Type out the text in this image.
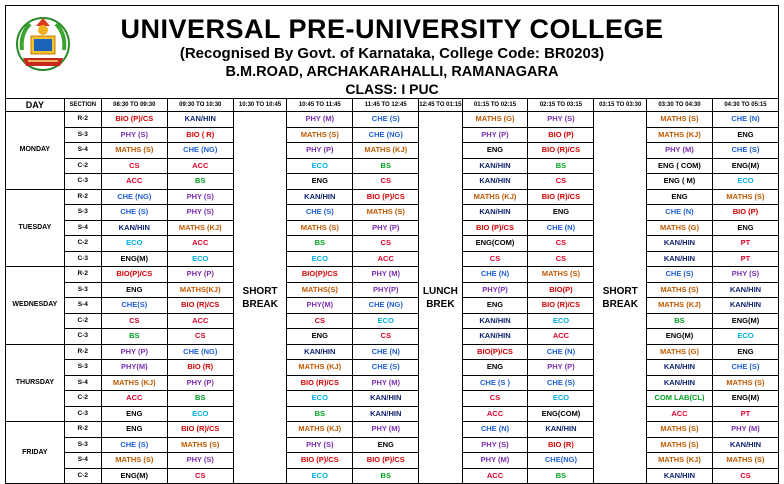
UNIVERSAL PRE-UNIVERSITY COLLEGE
(Recognised By Govt. of Karnataka, College Code: BR0203)
B.M.ROAD, ARCHAKARAHALLI, RAMANAGARA
CLASS: I PUC
DAY	SECTION	08:30 TO 09:30	09:30 TO 10:30	10:30 TO 10:45	10:45 TO 11:45	11:45 TO 12:45	12:45 TO 01:15	01:15 TO 02:15	02:15 TO 03:15	03:15 TO 03:30	03:30 TO 04:30	04:30 TO 05:15
MONDAY	R-2	BIO (P)/CS	KAN/HIN	SHORT BREAK	PHY (M)	CHE (S)	LUNCH BREK	MATHS (G)	PHY (S)	SHORT BREAK	MATHS (S)	CHE (N)
	S-3	PHY (S)	BIO ( R)		MATHS (S)	CHE (NG)		PHY (P)	BIO (P)		MATHS (KJ)	ENG
	S-4	MATHS (S)	CHE (NG)		PHY (P)	MATHS (KJ)		ENG	BIO (R)/CS		PHY (M)	CHE (S)
	C-2	CS	ACC		ECO	BS		KAN/HIN	BS		ENG ( COM)	ENG(M)
	C-3	ACC	BS		ENG	CS		KAN/HIN	CS		ENG ( M)	ECO
TUESDAY	R-2	CHE (NG)	PHY (S)		KAN/HIN	BIO (P)/CS		MATHS (KJ)	BIO (R)/CS		ENG	MATHS (S)
	S-3	CHE (S)	PHY (S)		CHE (S)	MATHS (S)		KAN/HIN	ENG		CHE (N)	BIO (P)
	S-4	KAN/HIN	MATHS (KJ)		MATHS (S)	PHY (P)		BIO (P)/CS	CHE (N)		MATHS (G)	ENG
	C-2	ECO	ACC		BS	CS		ENG(COM)	CS		KAN/HIN	PT
	C-3	ENG(M)	ECO		ECO	ACC		CS	CS		KAN/HIN	PT
WEDNESDAY	R-2	BIO(P)/CS	PHY (P)		BIO(P)/CS	PHY (M)		CHE (N)	MATHS (S)		CHE (S)	PHY (S)
	S-3	ENG	MATHS(KJ)		MATHS(S)	PHY(P)		PHY(P)	BIO(P)		MATHS (S)	KAN/HIN
	S-4	CHE(S)	BIO (R)/CS		PHY(M)	CHE (NG)		ENG	BIO (R)/CS		MATHS (KJ)	KAN/HIN
	C-2	CS	ACC		CS	ECO		KAN/HIN	ECO		BS	ENG(M)
	C-3	BS	CS		ENG	CS		KAN/HIN	ACC		ENG(M)	ECO
THURSDAY	R-2	PHY (P)	CHE (NG)		KAN/HIN	CHE (N)		BIO(P)/CS	CHE (N)		MATHS (G)	ENG
	S-3	PHY(M)	BIO (R)		MATHS (KJ)	CHE (S)		ENG	PHY (P)		KAN/HIN	CHE (S)
	S-4	MATHS (KJ)	PHY (P)		BIO (R)/CS	PHY (M)		CHE (S )	CHE (S)		KAN/HIN	MATHS (S)
	C-2	ACC	BS		ECO	KAN/HIN		CS	ECO		COM LAB(CL)	ENG(M)
	C-3	ENG	ECO		BS	KAN/HIN		ACC	ENG(COM)		ACC	PT
FRIDAY	R-2	ENG	BIO (R)/CS		MATHS (KJ)	PHY (M)		CHE (N)	KAN/HIN		MATHS (S)	PHY (M)
	S-3	CHE (S)	MATHS (S)		PHY (S)	ENG		PHY (S)	BIO (R)		MATHS (S)	KAN/HIN
	S-4	MATHS (S)	PHY (S)		BIO (P)/CS	BIO (P)/CS		PHY (M)	CHE(NG)		MATHS (KJ)	MATHS (S)
	C-2	ENG(M)	CS		ECO	BS		ACC	BS		KAN/HIN	CS
